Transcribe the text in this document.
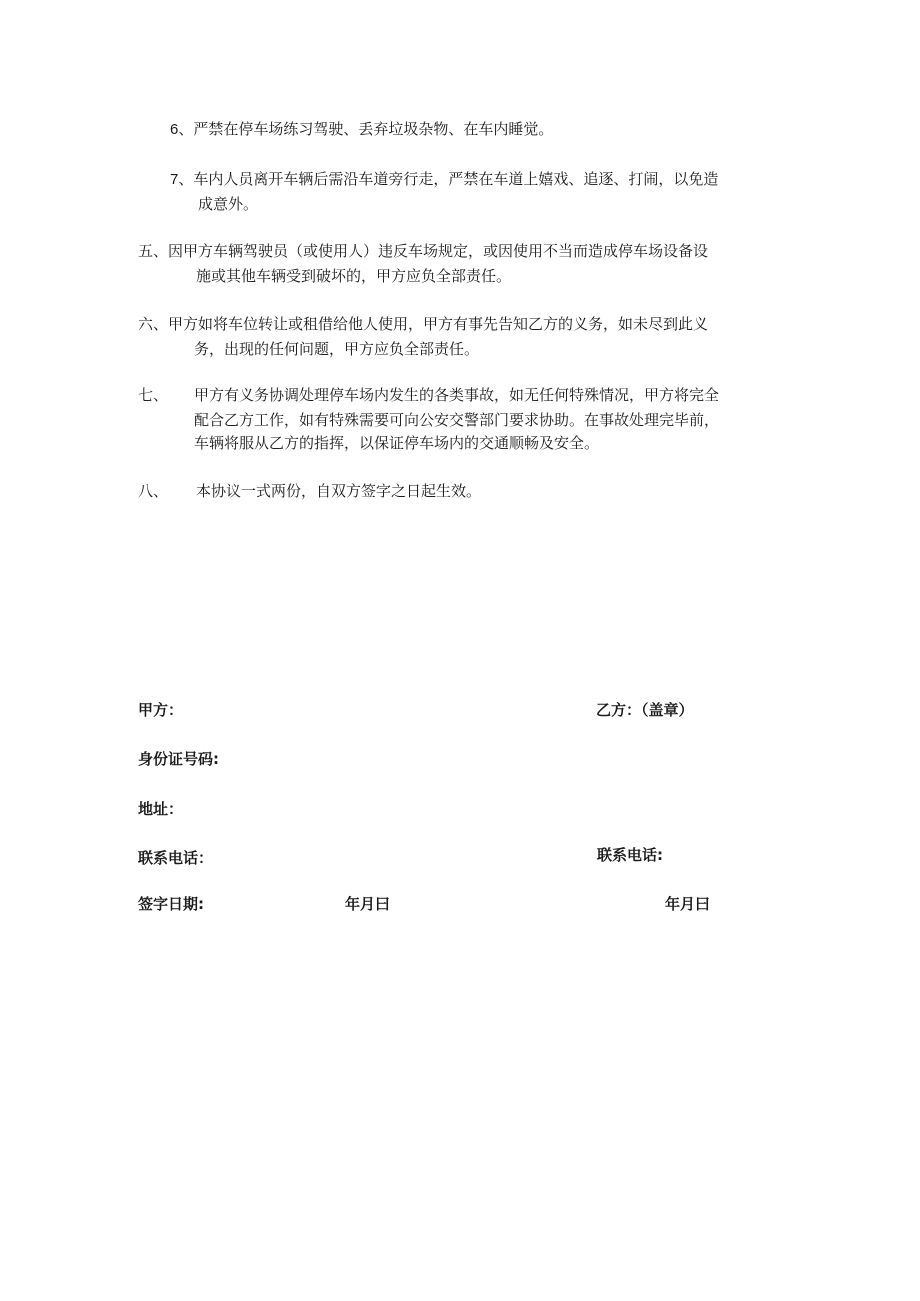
6、严禁在停车场练习驾驶、丢弃垃圾杂物、在车内睡觉。
7、车内人员离开车辆后需沿车道旁行走，严禁在车道上嬉戏、追逐、打闹，以免造
成意外。
五、因甲方车辆驾驶员（或使用人）违反车场规定，或因使用不当而造成停车场设备设
施或其他车辆受到破坏的，甲方应负全部责任。
六、甲方如将车位转让或租借给他人使用，甲方有事先告知乙方的义务，如未尽到此义
务，出现的任何问题，甲方应负全部责任。
七、 甲方有义务协调处理停车场内发生的各类事故，如无任何特殊情况，甲方将完全
配合乙方工作，如有特殊需要可向公安交警部门要求协助。在事故处理完毕前，
车辆将服从乙方的指挥，以保证停车场内的交通顺畅及安全。
八、 本协议一式两份，自双方签字之日起生效。
甲方：	乙方：（盖章）
身份证号码:
地址：
联系电话：	联系电话:
签字日期:	年月曰	年月曰
